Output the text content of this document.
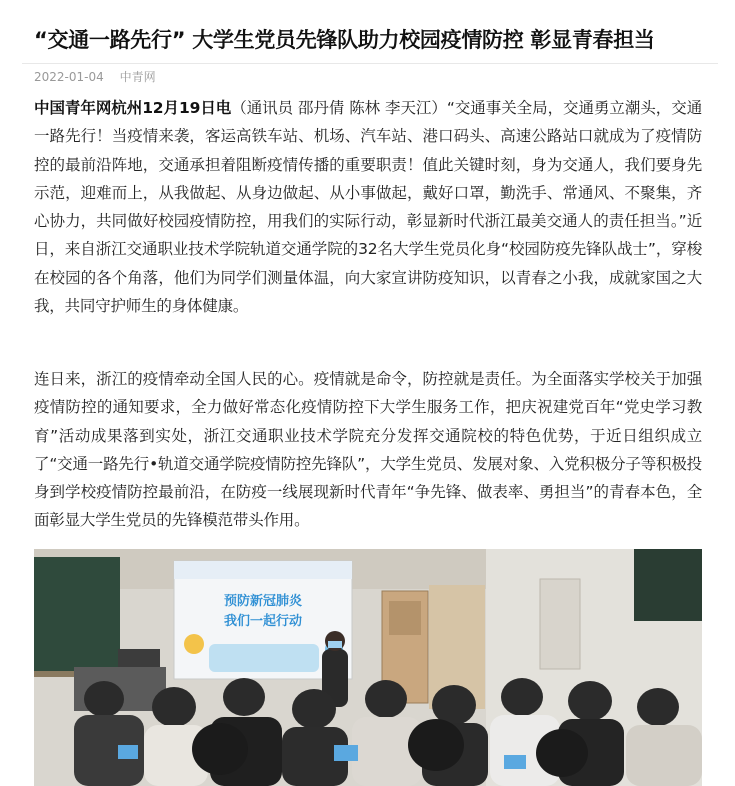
“交通一路先行” 大学生党员先锋队助力校园疫情防控 彰显青春担当
2022-01-04 中青网

中国青年网杭州12月19日电（通讯员 邵丹倩 陈林 李天江）“交通事关全局，交通勇立潮头，交通一路先行！当疫情来袭，客运高铁车站、机场、汽车站、港口码头、高速公路站口就成为了疫情防控的最前沿阵地，交通承担着阻断疫情传播的重要职责！值此关键时刻，身为交通人，我们要身先示范，迎难而上，从我做起、从身边做起、从小事做起，戴好口罩，勤洗手、常通风、不聚集，齐心协力，共同做好校园疫情防控，用我们的实际行动，彰显新时代浙江最美交通人的责任担当。”近日，来自浙江交通职业技术学院轨道交通学院的32名大学生党员化身“校园防疫先锋队战士”，穿梭在校园的各个角落，他们为同学们测量体温，向大家宣讲防疫知识，以青春之小我，成就家国之大我，共同守护师生的身体健康。

连日来，浙江的疫情牵动全国人民的心。疫情就是命令，防控就是责任。为全面落实学校关于加强疫情防控的通知要求，全力做好常态化疫情防控下大学生服务工作，把庆祝建党百年“党史学习教育”活动成果落到实处，浙江交通职业技术学院充分发挥交通院校的特色优势，于近日组织成立了“交通一路先行•轨道交通学院疫情防控先锋队”，大学生党员、发展对象、入党积极分子等积极投身到学校疫情防控最前沿，在防疫一线展现新时代青年“争先锋、做表率、勇担当”的青春本色，全面彰显大学生党员的先锋模范带头作用。

预防新冠肺炎
我们一起行动
